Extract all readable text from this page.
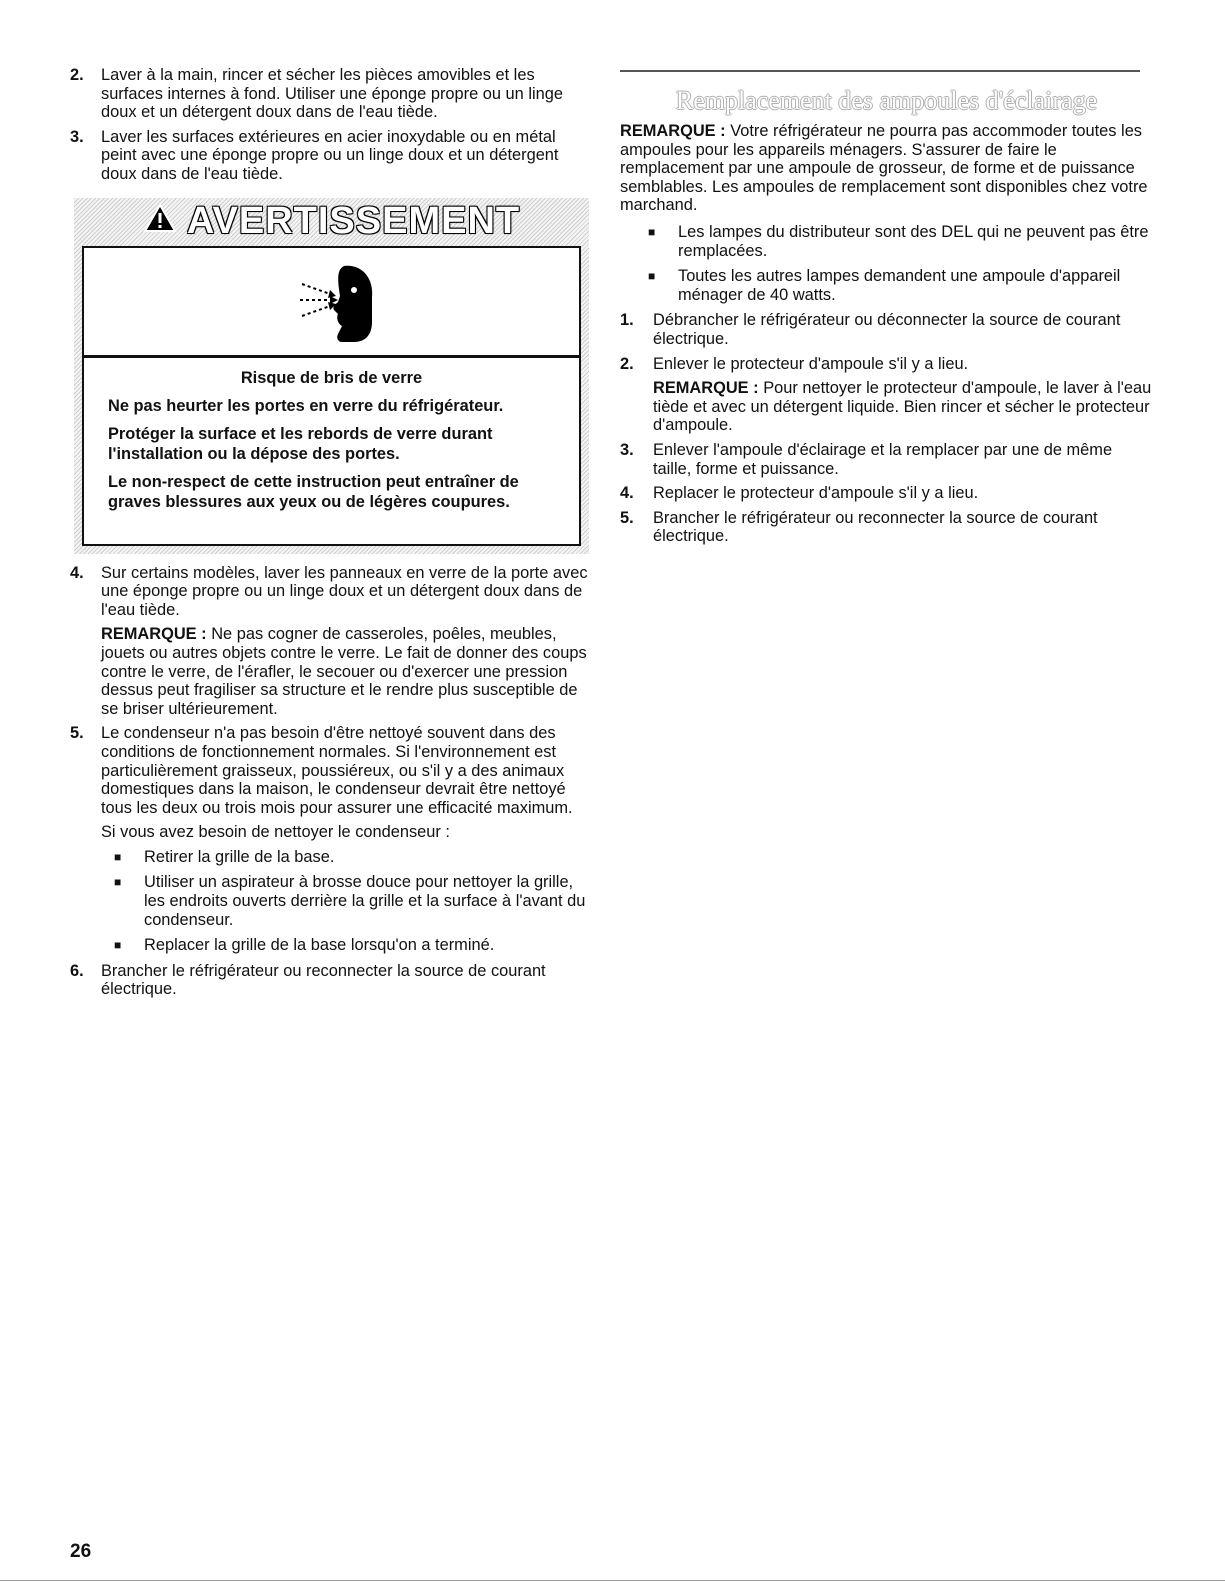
2.	Laver à la main, rincer et sécher les pièces amovibles et les surfaces internes à fond. Utiliser une éponge propre ou un linge doux et un détergent doux dans de l'eau tiède.
3.	Laver les surfaces extérieures en acier inoxydable ou en métal peint avec une éponge propre ou un linge doux et un détergent doux dans de l'eau tiède.
AVERTISSEMENT

Risque de bris de verre

Ne pas heurter les portes en verre du réfrigérateur.

Protéger la surface et les rebords de verre durant l'installation ou la dépose des portes.

Le non-respect de cette instruction peut entraîner de graves blessures aux yeux ou de légères coupures.

4.	Sur certains modèles, laver les panneaux en verre de la porte avec une éponge propre ou un linge doux et un détergent doux dans de l'eau tiède.

REMARQUE : Ne pas cogner de casseroles, poêles, meubles, jouets ou autres objets contre le verre. Le fait de donner des coups contre le verre, de l'érafler, le secouer ou d'exercer une pression dessus peut fragiliser sa structure et le rendre plus susceptible de se briser ultérieurement.

5.	Le condenseur n'a pas besoin d'être nettoyé souvent dans des conditions de fonctionnement normales. Si l'environnement est particulièrement graisseux, poussiéreux, ou s'il y a des animaux domestiques dans la maison, le condenseur devrait être nettoyé tous les deux ou trois mois pour assurer une efficacité maximum.

Si vous avez besoin de nettoyer le condenseur :

■	Retirer la grille de la base.
■	Utiliser un aspirateur à brosse douce pour nettoyer la grille, les endroits ouverts derrière la grille et la surface à l'avant du condenseur.
■	Replacer la grille de la base lorsqu'on a terminé.
6.	Brancher le réfrigérateur ou reconnecter la source de courant électrique.
Remplacement des ampoules d'éclairage

REMARQUE : Votre réfrigérateur ne pourra pas accommoder toutes les ampoules pour les appareils ménagers. S'assurer de faire le remplacement par une ampoule de grosseur, de forme et de puissance semblables. Les ampoules de remplacement sont disponibles chez votre marchand.

■	Les lampes du distributeur sont des DEL qui ne peuvent pas être remplacées.
■	Toutes les autres lampes demandent une ampoule d'appareil ménager de 40 watts.
1.	Débrancher le réfrigérateur ou déconnecter la source de courant électrique.
2.	Enlever le protecteur d'ampoule s'il y a lieu.

REMARQUE : Pour nettoyer le protecteur d'ampoule, le laver à l'eau tiède et avec un détergent liquide. Bien rincer et sécher le protecteur d'ampoule.

3.	Enlever l'ampoule d'éclairage et la remplacer par une de même taille, forme et puissance.
4.	Replacer le protecteur d'ampoule s'il y a lieu.
5.	Brancher le réfrigérateur ou reconnecter la source de courant électrique.
26
